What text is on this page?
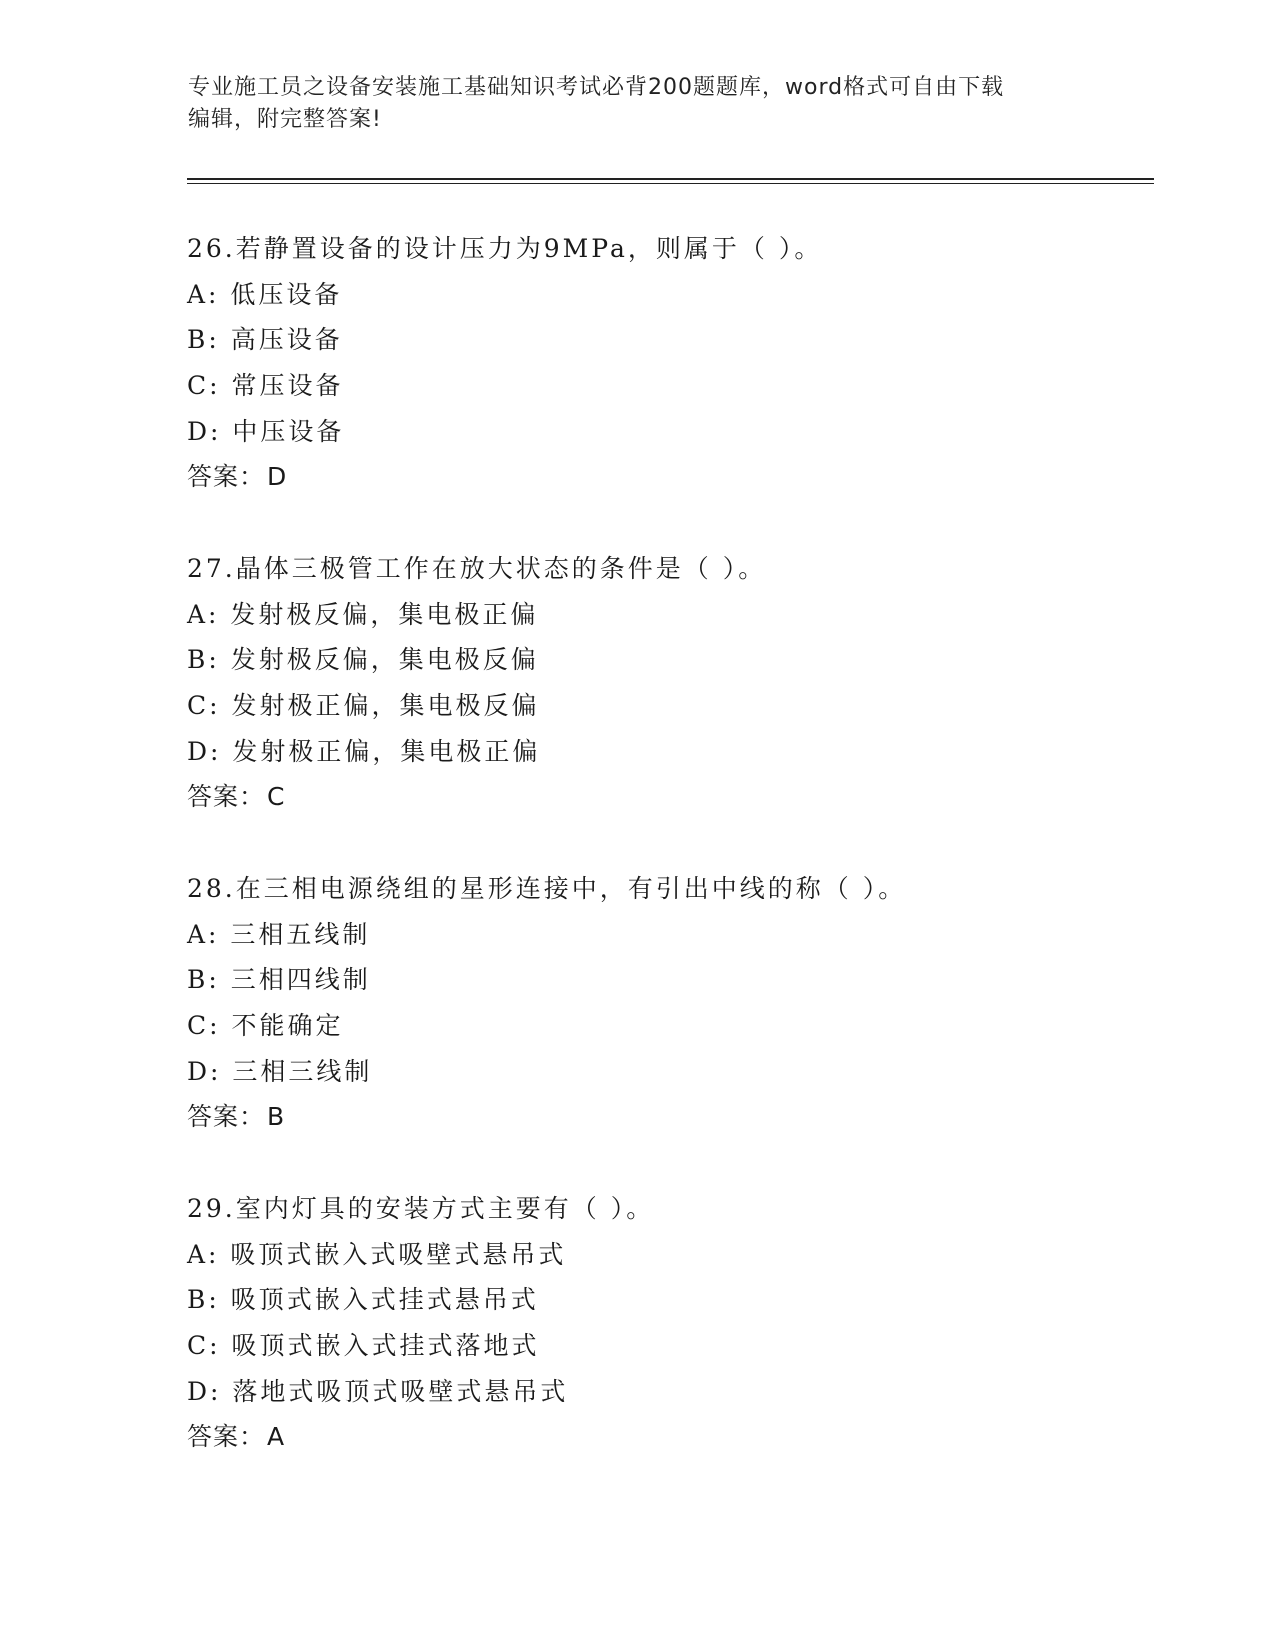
专业施工员之设备安装施工基础知识考试必背200题题库，word格式可自由下载
编辑，附完整答案!
26.若静置设备的设计压力为9MPa，则属于（ ）。
A: 低压设备
B: 高压设备
C: 常压设备
D: 中压设备
答案：D
27.晶体三极管工作在放大状态的条件是（ ）。
A: 发射极反偏，集电极正偏
B: 发射极反偏，集电极反偏
C: 发射极正偏，集电极反偏
D: 发射极正偏，集电极正偏
答案：C
28.在三相电源绕组的星形连接中，有引出中线的称（ ）。
A: 三相五线制
B: 三相四线制
C: 不能确定
D: 三相三线制
答案：B
29.室内灯具的安装方式主要有（ ）。
A: 吸顶式嵌入式吸壁式悬吊式
B: 吸顶式嵌入式挂式悬吊式
C: 吸顶式嵌入式挂式落地式
D: 落地式吸顶式吸壁式悬吊式
答案：A
